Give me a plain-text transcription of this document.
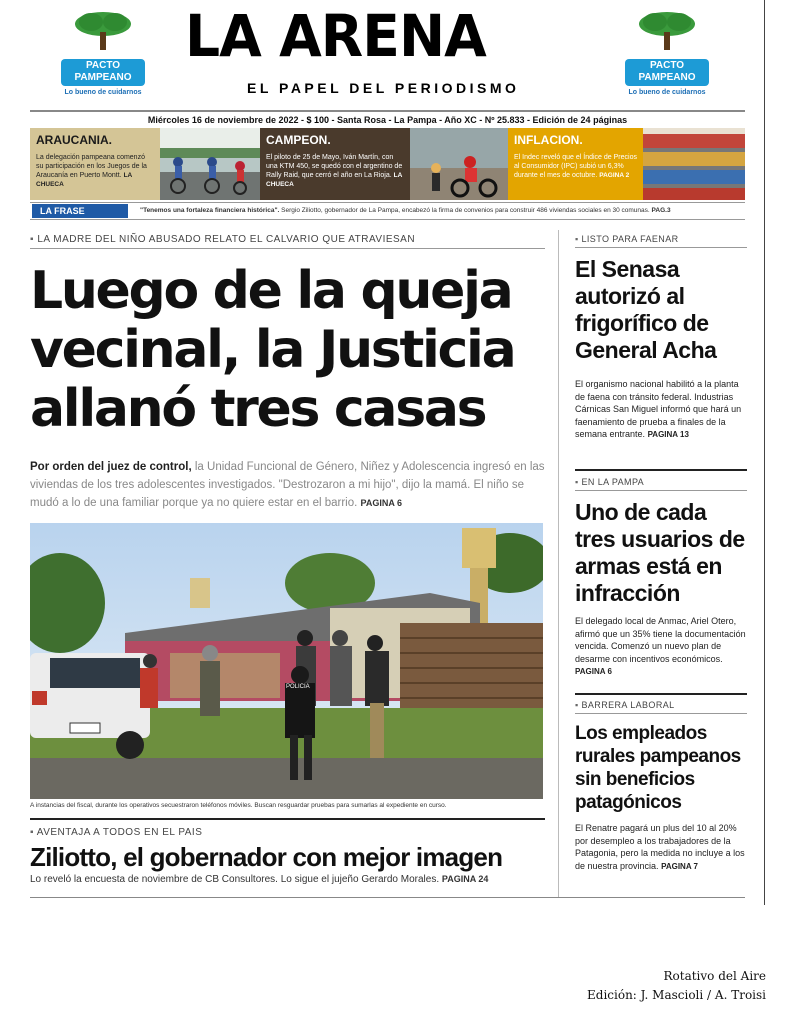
PACTO
PAMPEANO
Lo bueno de cuidarnos
PACTO
PAMPEANO
Lo bueno de cuidarnos
LA ARENA
EL PAPEL DEL PERIODISMO
Miércoles 16 de noviembre de 2022 - $ 100 - Santa Rosa - La Pampa - Año XC - Nº 25.833 - Edición de 24 páginas
ARAUCANIA.
La delegación pampeana comenzó su participación en los Juegos de la Araucanía en Puerto Montt. LA CHUECA
CAMPEON.
El piloto de 25 de Mayo, Iván Martín, con una KTM 450, se quedó con el argentino de Rally Raid, que cerró el año en La Rioja. LA CHUECA
INFLACION.
El Indec reveló que el Índice de Precios al Consumidor (IPC) subió un 6,3% durante el mes de octubre. PAGINA 2
LA FRASE	"Tenemos una fortaleza financiera histórica". Sergio Ziliotto, gobernador de La Pampa, encabezó la firma de convenios para construir 486 viviendas sociales en 30 comunas. PAG.3
▪ LA MADRE DEL NIÑO ABUSADO RELATO EL CALVARIO QUE ATRAVIESAN
Luego de la queja
vecinal, la Justicia
allanó tres casas
Por orden del juez de control, la Unidad Funcional de Género, Niñez y Adolescencia ingresó en las viviendas de los tres adolescentes investigados. "Destrozaron a mi hijo", dijo la mamá. El niño se mudó a lo de una familiar porque ya no quiere estar en el barrio. PAGINA 6
POLICIA
A instancias del fiscal, durante los operativos secuestraron teléfonos móviles. Buscan resguardar pruebas para sumarlas al expediente en curso.
▪ AVENTAJA A TODOS EN EL PAIS
Ziliotto, el gobernador con mejor imagen
Lo reveló la encuesta de noviembre de CB Consultores. Lo sigue el jujeño Gerardo Morales. PAGINA 24
▪ LISTO PARA FAENAR
El Senasa autorizó al frigorífico de General Acha
El organismo nacional habilitó a la planta de faena con tránsito federal. Industrias Cárnicas San Miguel informó que hará un faenamiento de prueba a finales de la semana entrante. PAGINA 13
▪ EN LA PAMPA
Uno de cada tres usuarios de armas está en infracción
El delegado local de Anmac, Ariel Otero, afirmó que un 35% tiene la documentación vencida. Comenzó un nuevo plan de desarme con incentivos económicos. PAGINA 6
▪ BARRERA LABORAL
Los empleados rurales pampeanos sin beneficios patagónicos
El Renatre pagará un plus del 10 al 20% por desempleo a los trabajadores de la Patagonia, pero la medida no incluye a los de nuestra provincia. PAGINA 7
Rotativo del Aire
Edición: J. Mascioli / A. Troisi
